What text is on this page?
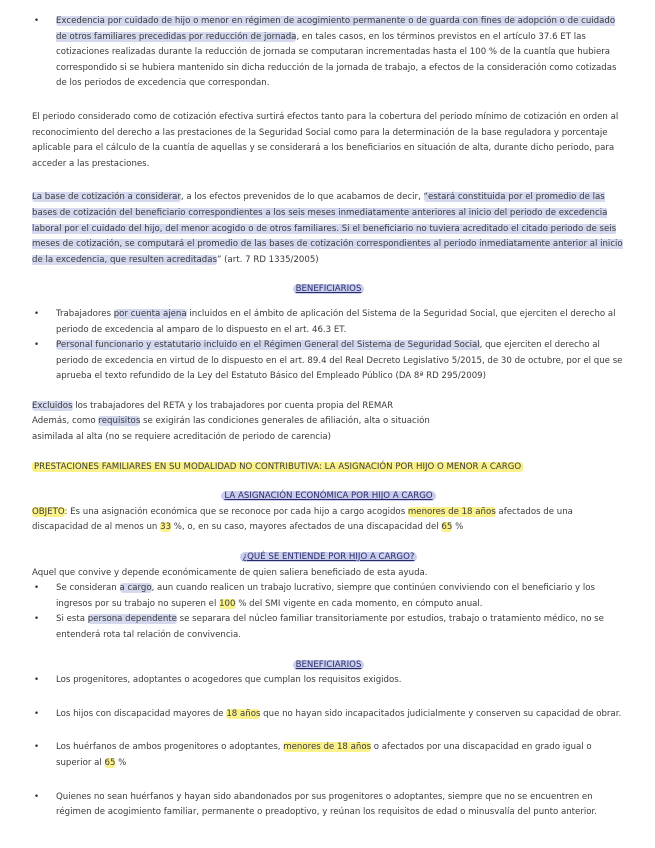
• Excedencia por cuidado de hijo o menor en régimen de acogimiento permanente o de guarda con fines de adopción o de cuidado de otros familiares precedidas por reducción de jornada, en tales casos, en los términos previstos en el artículo 37.6 ET las cotizaciones realizadas durante la reducción de jornada se computaran incrementadas hasta el 100 % de la cuantía que hubiera correspondido si se hubiera mantenido sin dicha reducción de la jornada de trabajo, a efectos de la consideración como cotizadas de los periodos de excedencia que correspondan.

El periodo considerado como de cotización efectiva surtirá efectos tanto para la cobertura del periodo mínimo de cotización en orden al reconocimiento del derecho a las prestaciones de la Seguridad Social como para la determinación de la base reguladora y porcentaje aplicable para el cálculo de la cuantía de aquellas y se considerará a los beneficiarios en situación de alta, durante dicho periodo, para acceder a las prestaciones.

La base de cotización a considerar, a los efectos prevenidos de lo que acabamos de decir, “estará constituida por el promedio de las bases de cotización del beneficiario correspondientes a los seis meses inmediatamente anteriores al inicio del periodo de excedencia laboral por el cuidado del hijo, del menor acogido o de otros familiares. Si el beneficiario no tuviera acreditado el citado periodo de seis meses de cotización, se computará el promedio de las bases de cotización correspondientes al periodo inmediatamente anterior al inicio de la excedencia, que resulten acreditadas” (art. 7 RD 1335/2005)

BENEFICIARIOS
• Trabajadores por cuenta ajena incluidos en el ámbito de aplicación del Sistema de la Seguridad Social, que ejerciten el derecho al periodo de excedencia al amparo de lo dispuesto en el art. 46.3 ET.
• Personal funcionario y estatutario incluido en el Régimen General del Sistema de Seguridad Social, que ejerciten el derecho al periodo de excedencia en virtud de lo dispuesto en el art. 89.4 del Real Decreto Legislativo 5/2015, de 30 de octubre, por el que se aprueba el texto refundido de la Ley del Estatuto Básico del Empleado Público (DA 8ª RD 295/2009)

Excluidos los trabajadores del RETA y los trabajadores por cuenta propia del REMAR
Además, como requisitos se exigirán las condiciones generales de afiliación, alta o situación
asimilada al alta (no se requiere acreditación de periodo de carencia)

PRESTACIONES FAMILIARES EN SU MODALIDAD NO CONTRIBUTIVA: LA ASIGNACIÓN POR HIJO O MENOR A CARGO

LA ASIGNACIÓN ECONÓMICA POR HIJO A CARGO

OBJETO: Es una asignación económica que se reconoce por cada hijo a cargo acogidos menores de 18 años afectados de una discapacidad de al menos un 33 %, o, en su caso, mayores afectados de una discapacidad del 65 %

¿QUÉ SE ENTIENDE POR HIJO A CARGO?

Aquel que convive y depende económicamente de quien saliera beneficiado de esta ayuda.

• Se consideran a cargo, aun cuando realicen un trabajo lucrativo, siempre que continúen conviviendo con el beneficiario y los ingresos por su trabajo no superen el 100 % del SMI vigente en cada momento, en cómputo anual.
• Si esta persona dependente se separara del núcleo familiar transitoriamente por estudios, trabajo o tratamiento médico, no se entenderá rota tal relación de convivencia.
BENEFICIARIOS
• Los progenitores, adoptantes o acogedores que cumplan los requisitos exigidos.
• Los hijos con discapacidad mayores de 18 años que no hayan sido incapacitados judicialmente y conserven su capacidad de obrar.
• Los huérfanos de ambos progenitores o adoptantes, menores de 18 años o afectados por una discapacidad en grado igual o superior al 65 %
• Quienes no sean huérfanos y hayan sido abandonados por sus progenitores o adoptantes, siempre que no se encuentren en régimen de acogimiento familiar, permanente o preadoptivo, y reúnan los requisitos de edad o minusvalía del punto anterior.
